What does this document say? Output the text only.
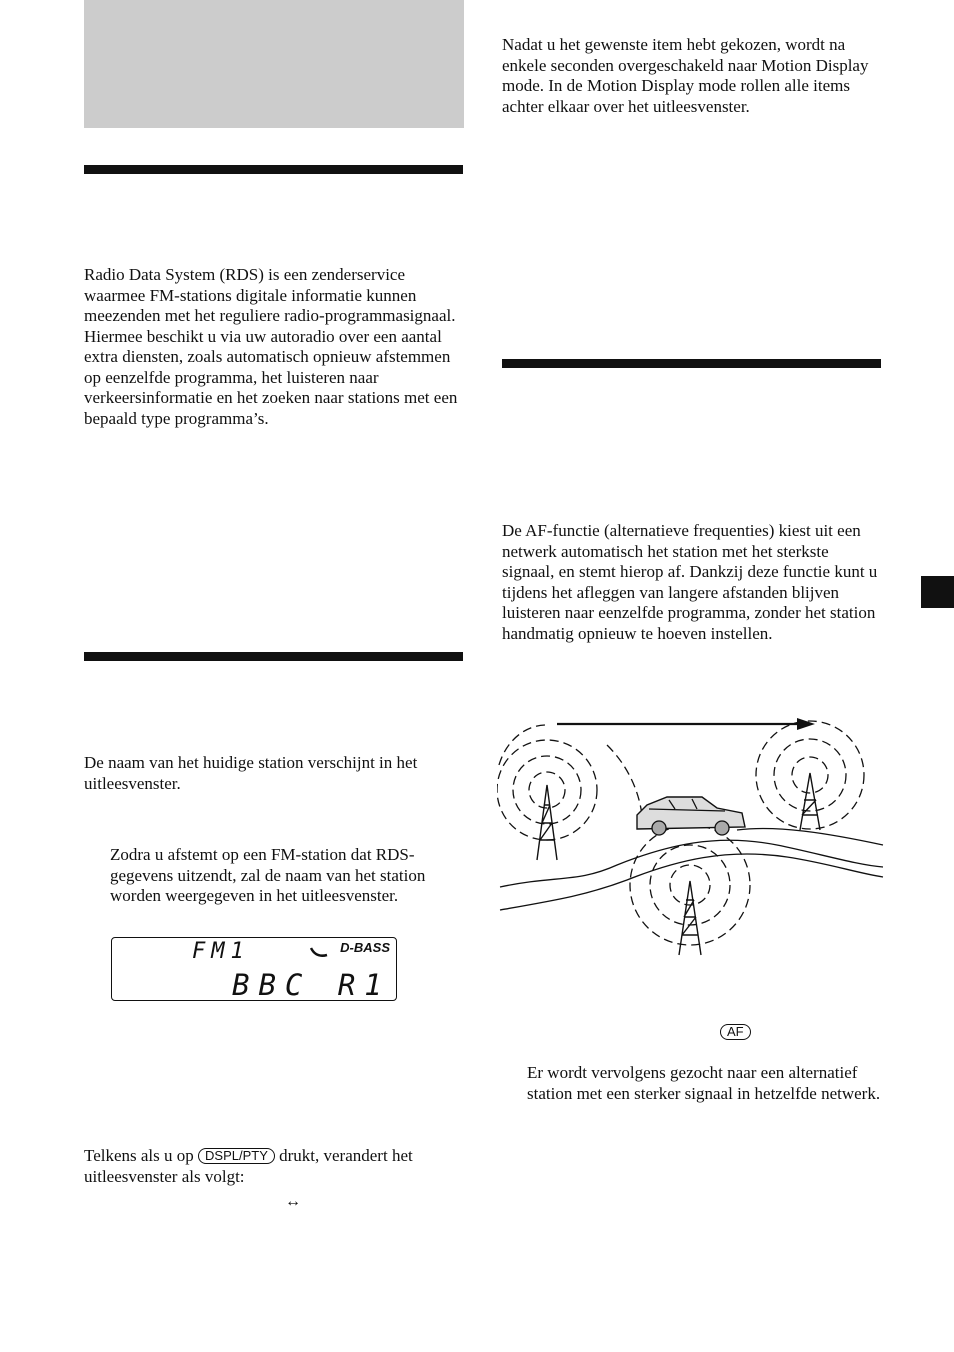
Radio Data System (RDS) is een zenderservice waarmee FM-stations digitale informatie kunnen meezenden met het reguliere radio-programmasignaal. Hiermee beschikt u via uw autoradio over een aantal extra diensten, zoals automatisch opnieuw afstemmen op eenzelfde programma, het luisteren naar verkeersinformatie en het zoeken naar stations met een bepaald type programma’s.

De naam van het huidige station verschijnt in het uitleesvenster.

Zodra u afstemt op een FM-station dat RDS-gegevens uitzendt, zal de naam van het station worden weergegeven in het uitleesvenster.

FM1	D-BASS
BBC R1

Telkens als u op DSPL/PTY drukt, verandert het uitleesvenster als volgt:

↔

Nadat u het gewenste item hebt gekozen, wordt na enkele seconden overgeschakeld naar Motion Display mode. In de Motion Display mode rollen alle items achter elkaar over het uitleesvenster.

De AF-functie (alternatieve frequenties) kiest uit een netwerk automatisch het station met het sterkste signaal, en stemt hierop af. Dankzij deze functie kunt u tijdens het afleggen van langere afstanden blijven luisteren naar eenzelfde programma, zonder het station handmatig opnieuw te hoeven instellen.

AF

Er wordt vervolgens gezocht naar een alternatief station met een sterker signaal in hetzelfde netwerk.
